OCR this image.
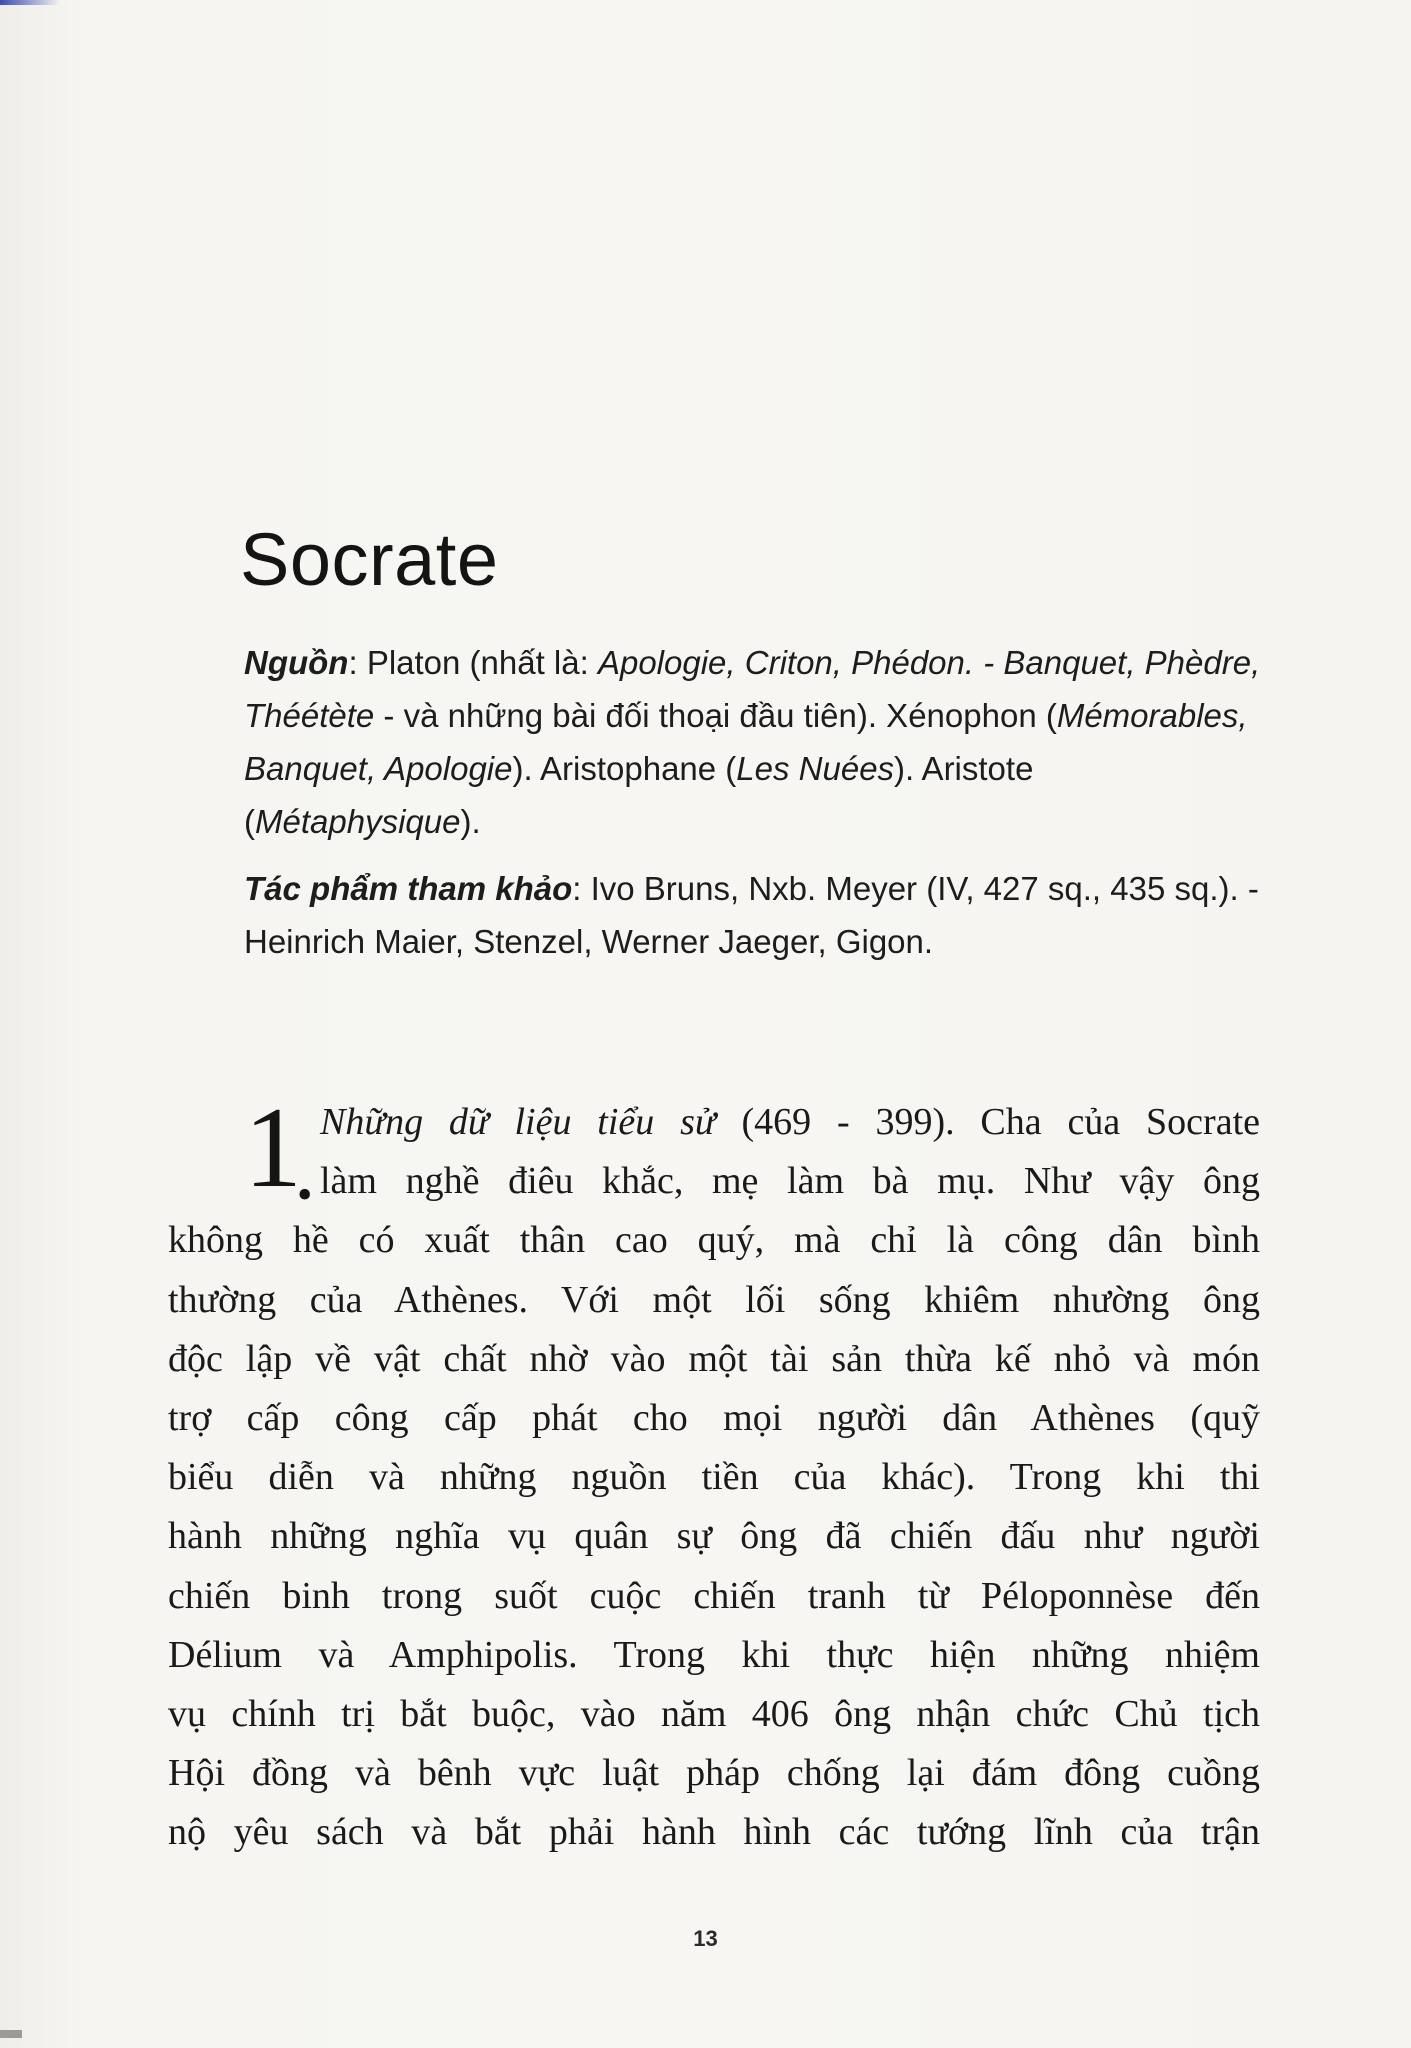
Socrate

Nguồn: Platon (nhất là: Apologie, Criton, Phédon. - Banquet, Phèdre, Théétète - và những bài đối thoại đầu tiên). Xénophon (Mémorables, Banquet, Apologie). Aristophane (Les Nuées). Aristote (Métaphysique).

Tác phẩm tham khảo: Ivo Bruns, Nxb. Meyer (IV, 427 sq., 435 sq.). - Heinrich Maier, Stenzel, Werner Jaeger, Gigon.

1
•
Những dữ liệu tiểu sử (469 - 399). Cha của Socrate
làm nghề điêu khắc, mẹ làm bà mụ. Như vậy ông
không hề có xuất thân cao quý, mà chỉ là công dân bình
thường của Athènes. Với một lối sống khiêm nhường ông
độc lập về vật chất nhờ vào một tài sản thừa kế nhỏ và món
trợ cấp công cấp phát cho mọi người dân Athènes (quỹ
biểu diễn và những nguồn tiền của khác). Trong khi thi
hành những nghĩa vụ quân sự ông đã chiến đấu như người
chiến binh trong suốt cuộc chiến tranh từ Péloponnèse đến
Délium và Amphipolis. Trong khi thực hiện những nhiệm
vụ chính trị bắt buộc, vào năm 406 ông nhận chức Chủ tịch
Hội đồng và bênh vực luật pháp chống lại đám đông cuồng
nộ yêu sách và bắt phải hành hình các tướng lĩnh của trận
13
